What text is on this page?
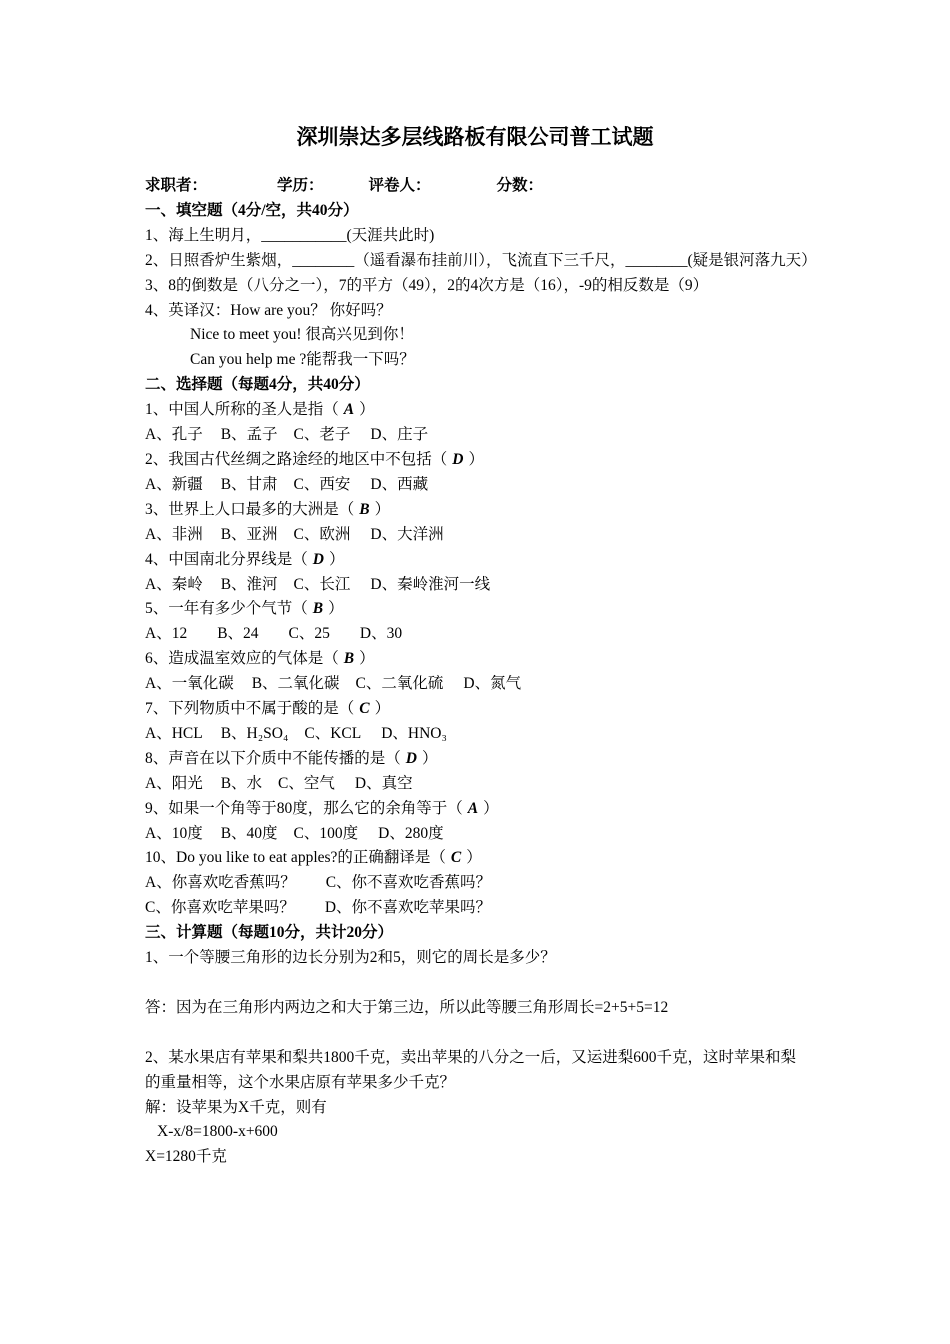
深圳崇达多层线路板有限公司普工试题

求职者：	学历：	评卷人：	分数：

一、填空题（4分/空，共40分）

1、海上生明月，___________(天涯共此时)

2、日照香炉生紫烟，________（遥看瀑布挂前川），飞流直下三千尺，________(疑是银河落九天）

3、8的倒数是（八分之一），7的平方（49），2的4次方是（16），-9的相反数是（9）

4、英译汉：How are you？ 你好吗？

Nice to meet you! 很高兴见到你！

Can you help me ?能帮我一下吗？

二、选择题（每题4分，共40分）

1、中国人所称的圣人是指（ A ）

A、孔子 B、孟子 C、老子 D、庄子

2、我国古代丝绸之路途经的地区中不包括（ D ）

A、新疆 B、甘肃 C、西安 D、西藏

3、世界上人口最多的大洲是（ B ）

A、非洲 B、亚洲 C、欧洲 D、大洋洲

4、中国南北分界线是（ D ）

A、秦岭 B、淮河 C、长江 D、秦岭淮河一线

5、一年有多少个气节（ B ）

A、12 B、24 C、25 D、30

6、造成温室效应的气体是（ B ）

A、一氧化碳 B、二氧化碳 C、二氧化硫 D、氮气

7、下列物质中不属于酸的是（ C ）

A、HCL B、H₂SO₄ C、KCL D、HNO₃

8、声音在以下介质中不能传播的是（ D ）

A、阳光 B、水 C、空气 D、真空

9、如果一个角等于80度，那么它的余角等于（ A ）

A、10度 B、40度 C、100度 D、280度

10、Do you like to eat apples?的正确翻译是（ C ）

A、你喜欢吃香蕉吗？ C、你不喜欢吃香蕉吗？

C、你喜欢吃苹果吗？ D、你不喜欢吃苹果吗？

三、计算题（每题10分，共计20分）

1、一个等腰三角形的边长分别为2和5，则它的周长是多少？

答：因为在三角形内两边之和大于第三边，所以此等腰三角形周长=2+5+5=12

2、某水果店有苹果和梨共1800千克，卖出苹果的八分之一后，又运进梨600千克，这时苹果和梨的重量相等，这个水果店原有苹果多少千克？

解：设苹果为X千克，则有

X-x/8=1800-x+600

X=1280千克
